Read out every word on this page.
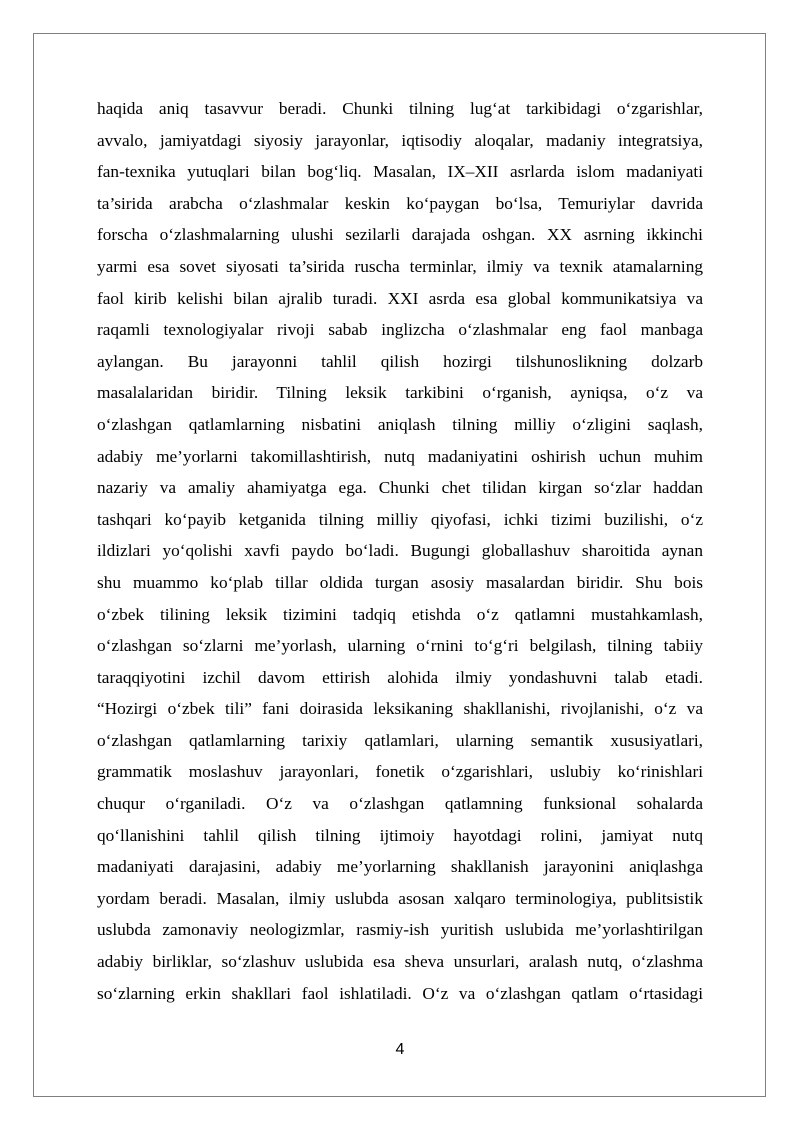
haqida aniq tasavvur beradi. Chunki tilning lug‘at tarkibidagi o‘zgarishlar,
avvalo, jamiyatdagi siyosiy jarayonlar, iqtisodiy aloqalar, madaniy integratsiya,
fan-texnika yutuqlari bilan bog‘liq. Masalan, IX–XII asrlarda islom madaniyati
ta’sirida arabcha o‘zlashmalar keskin ko‘paygan bo‘lsa, Temuriylar davrida
forscha o‘zlashmalarning ulushi sezilarli darajada oshgan. XX asrning ikkinchi
yarmi esa sovet siyosati ta’sirida ruscha terminlar, ilmiy va texnik atamalarning
faol kirib kelishi bilan ajralib turadi. XXI asrda esa global kommunikatsiya va
raqamli texnologiyalar rivoji sabab inglizcha o‘zlashmalar eng faol manbaga
aylangan. Bu jarayonni tahlil qilish hozirgi tilshunoslikning dolzarb
masalalaridan biridir. Tilning leksik tarkibini o‘rganish, ayniqsa, o‘z va
o‘zlashgan qatlamlarning nisbatini aniqlash tilning milliy o‘zligini saqlash,
adabiy me’yorlarni takomillashtirish, nutq madaniyatini oshirish uchun muhim
nazariy va amaliy ahamiyatga ega. Chunki chet tilidan kirgan so‘zlar haddan
tashqari ko‘payib ketganida tilning milliy qiyofasi, ichki tizimi buzilishi, o‘z
ildizlari yo‘qolishi xavfi paydo bo‘ladi. Bugungi globallashuv sharoitida aynan
shu muammo ko‘plab tillar oldida turgan asosiy masalardan biridir. Shu bois
o‘zbek tilining leksik tizimini tadqiq etishda o‘z qatlamni mustahkamlash,
o‘zlashgan so‘zlarni me’yorlash, ularning o‘rnini to‘g‘ri belgilash, tilning tabiiy
taraqqiyotini izchil davom ettirish alohida ilmiy yondashuvni talab etadi.
“Hozirgi o‘zbek tili” fani doirasida leksikaning shakllanishi, rivojlanishi, o‘z va
o‘zlashgan qatlamlarning tarixiy qatlamlari, ularning semantik xususiyatlari,
grammatik moslashuv jarayonlari, fonetik o‘zgarishlari, uslubiy ko‘rinishlari
chuqur o‘rganiladi. O‘z va o‘zlashgan qatlamning funksional sohalarda
qo‘llanishini tahlil qilish tilning ijtimoiy hayotdagi rolini, jamiyat nutq
madaniyati darajasini, adabiy me’yorlarning shakllanish jarayonini aniqlashga
yordam beradi. Masalan, ilmiy uslubda asosan xalqaro terminologiya, publitsistik
uslubda zamonaviy neologizmlar, rasmiy-ish yuritish uslubida me’yorlashtirilgan
adabiy birliklar, so‘zlashuv uslubida esa sheva unsurlari, aralash nutq, o‘zlashma
so‘zlarning erkin shakllari faol ishlatiladi. O‘z va o‘zlashgan qatlam o‘rtasidagi
4
